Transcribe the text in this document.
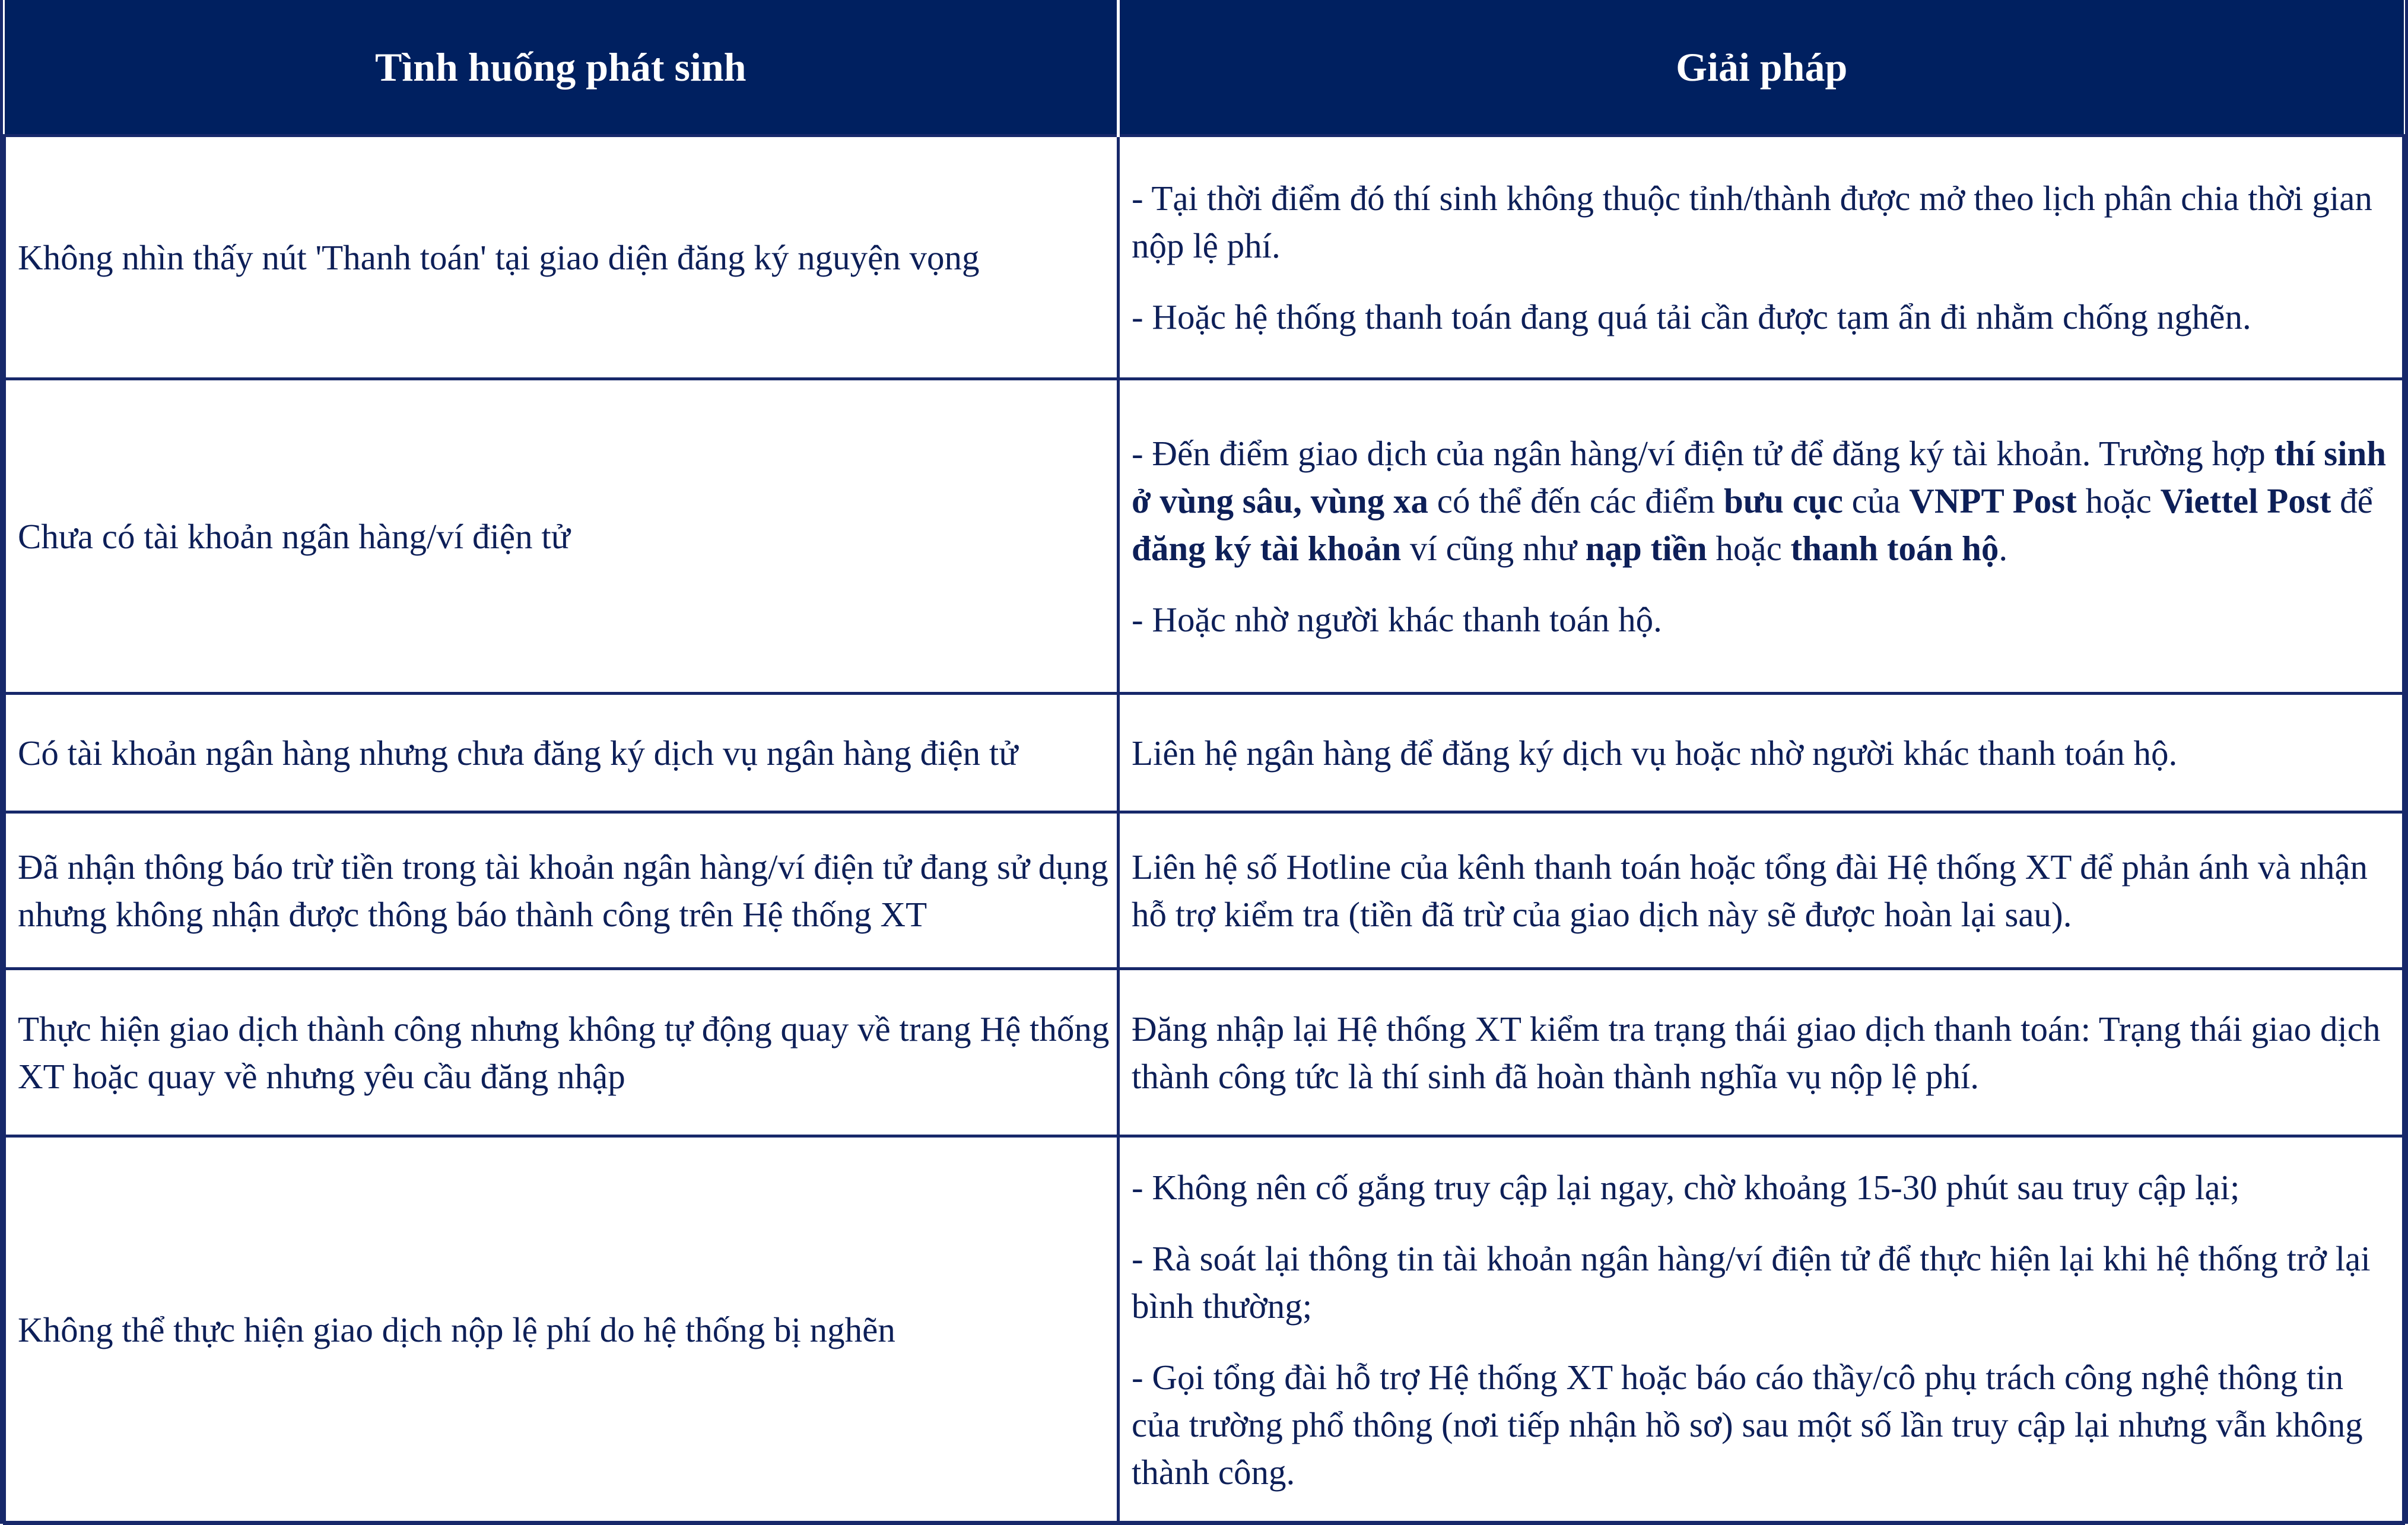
Tình huống phát sinh	Giải pháp
Không nhìn thấy nút 'Thanh toán' tại giao diện đăng ký nguyện vọng	- Tại thời điểm đó thí sinh không thuộc tỉnh/thành được mở theo lịch phân chia thời gian nộp lệ phí.

- Hoặc hệ thống thanh toán đang quá tải cần được tạm ẩn đi nhằm chống nghẽn.

Chưa có tài khoản ngân hàng/ví điện tử	- Đến điểm giao dịch của ngân hàng/ví điện tử để đăng ký tài khoản. Trường hợp thí sinh ở vùng sâu, vùng xa có thể đến các điểm bưu cục của VNPT Post hoặc Viettel Post để đăng ký tài khoản ví cũng như nạp tiền hoặc thanh toán hộ.

- Hoặc nhờ người khác thanh toán hộ.

Có tài khoản ngân hàng nhưng chưa đăng ký dịch vụ ngân hàng điện tử	Liên hệ ngân hàng để đăng ký dịch vụ hoặc nhờ người khác thanh toán hộ.

Đã nhận thông báo trừ tiền trong tài khoản ngân hàng/ví điện tử đang sử dụng nhưng không nhận được thông báo thành công trên Hệ thống XT	Liên hệ số Hotline của kênh thanh toán hoặc tổng đài Hệ thống XT để phản ánh và nhận hỗ trợ kiểm tra (tiền đã trừ của giao dịch này sẽ được hoàn lại sau).

Thực hiện giao dịch thành công nhưng không tự động quay về trang Hệ thống XT hoặc quay về nhưng yêu cầu đăng nhập	Đăng nhập lại Hệ thống XT kiểm tra trạng thái giao dịch thanh toán: Trạng thái giao dịch thành công tức là thí sinh đã hoàn thành nghĩa vụ nộp lệ phí.

Không thể thực hiện giao dịch nộp lệ phí do hệ thống bị nghẽn	- Không nên cố gắng truy cập lại ngay, chờ khoảng 15-30 phút sau truy cập lại;

- Rà soát lại thông tin tài khoản ngân hàng/ví điện tử để thực hiện lại khi hệ thống trở lại bình thường;

- Gọi tổng đài hỗ trợ Hệ thống XT hoặc báo cáo thầy/cô phụ trách công nghệ thông tin của trường phổ thông (nơi tiếp nhận hồ sơ) sau một số lần truy cập lại nhưng vẫn không thành công.
